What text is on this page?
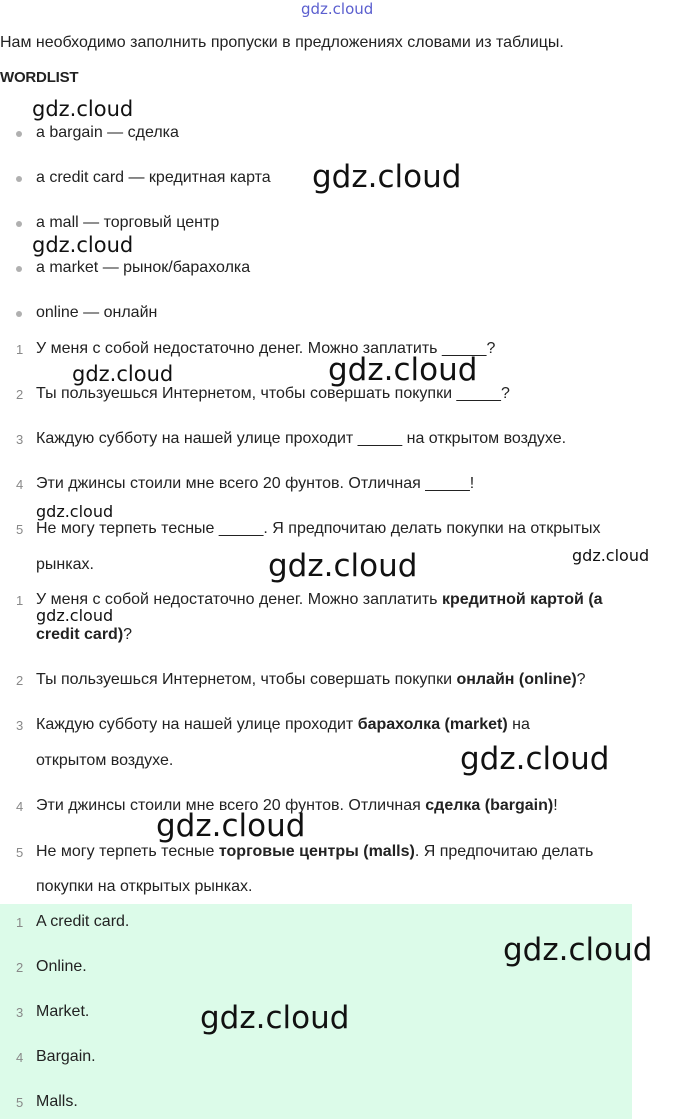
gdz.cloud
gdz.cloud
gdz.cloud
gdz.cloud
gdz.cloud	gdz.cloud
gdz.cloud
gdz.cloud
gdz.cloud
gdz.cloud
gdz.cloud
gdz.cloud
gdz.cloud
gdz.cloud
Нам необходимо заполнить пропуски в предложениях словами из таблицы.
WORDLIST
a bargain — сделка
a credit card — кредитная карта
a mall — торговый центр
a market — рынок/барахолка
online — онлайн
1 У меня с собой недостаточно денег. Можно заплатить _____?
2 Ты пользуешься Интернетом, чтобы совершать покупки _____?
3 Каждую субботу на нашей улице проходит _____ на открытом воздухе.
4 Эти джинсы стоили мне всего 20 фунтов. Отличная _____!
5 Не могу терпеть тесные _____. Я предпочитаю делать покупки на открытых
рынках.
1 У меня с собой недостаточно денег. Можно заплатить кредитной картой (a
credit card)?
2 Ты пользуешься Интернетом, чтобы совершать покупки онлайн (online)?
3 Каждую субботу на нашей улице проходит барахолка (market) на
открытом воздухе.
4 Эти джинсы стоили мне всего 20 фунтов. Отличная сделка (bargain)!
5 Не могу терпеть тесные торговые центры (malls). Я предпочитаю делать
покупки на открытых рынках.
1 A credit card.
2 Online.
3 Market.
4 Bargain.
5 Malls.
